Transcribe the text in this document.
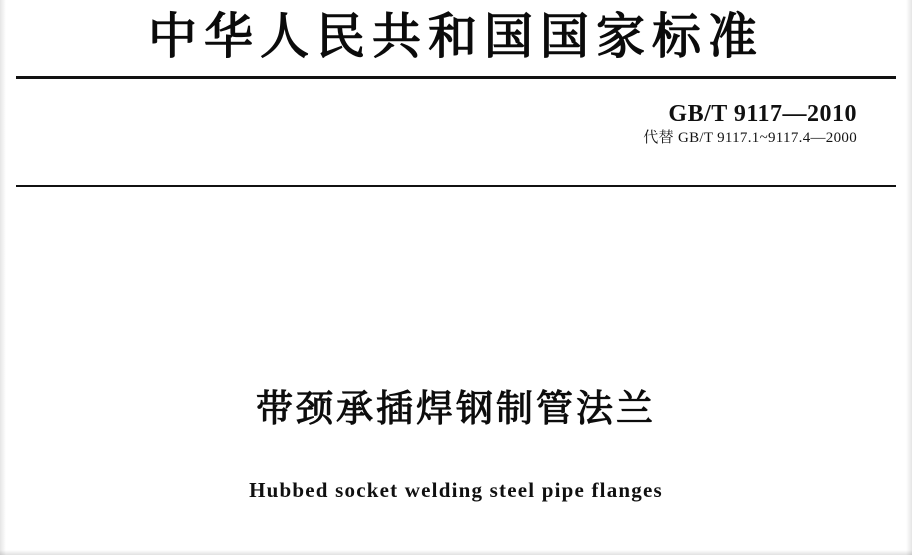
中华人民共和国国家标准
GB/T 9117—2010
代替 GB/T 9117.1~9117.4—2000
带颈承插焊钢制管法兰
Hubbed socket welding steel pipe flanges
